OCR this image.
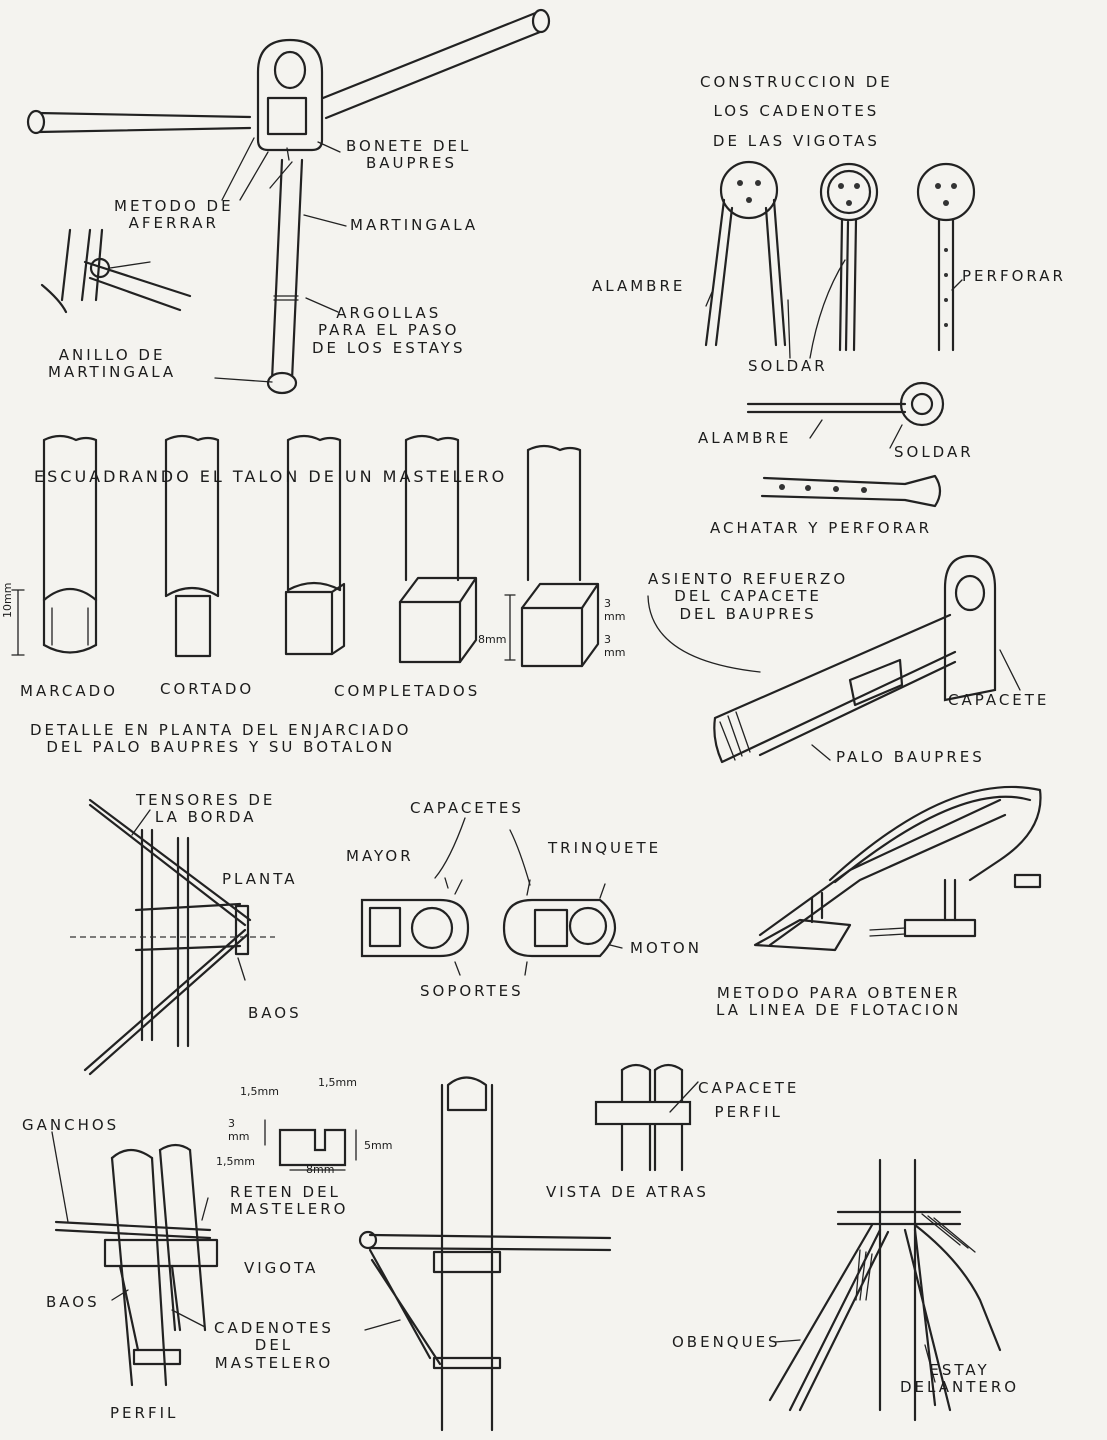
BONETE DEL
BAUPRES
METODO DE
AFERRAR	MARTINGALA
ARGOLLAS
PARA EL PASO
DE LOS ESTAYS
ANILLO DE
MARTINGALA
CONSTRUCCION DE
LOS CADENOTES
DE LAS VIGOTAS
ALAMBRE
PERFORAR
SOLDAR
ALAMBRE
SOLDAR
ACHATAR Y PERFORAR
ESCUADRANDO EL TALON DE UN MASTELERO
10mm
8mm
3 mm
3 mm
MARCADO	CORTADO	COMPLETADOS
ASIENTO REFUERZO
DEL CAPACETE
DEL BAUPRES
CAPACETE
PALO BAUPRES
DETALLE EN PLANTA DEL ENJARCIADO
DEL PALO BAUPRES Y SU BOTALON
TENSORES DE
LA BORDA
PLANTA
BAOS
CAPACETES
MAYOR	TRINQUETE
MOTON
SOPORTES	METODO PARA OBTENER
LA LINEA DE FLOTACION
GANCHOS
1,5mm
1,5mm
3 mm
5mm
1,5mm
8mm
RETEN DEL
MASTELERO
VIGOTA
BAOS
CADENOTES
DEL
MASTELERO
PERFIL
CAPACETE
PERFIL
VISTA DE ATRAS
OBENQUES
ESTAY
DELANTERO
